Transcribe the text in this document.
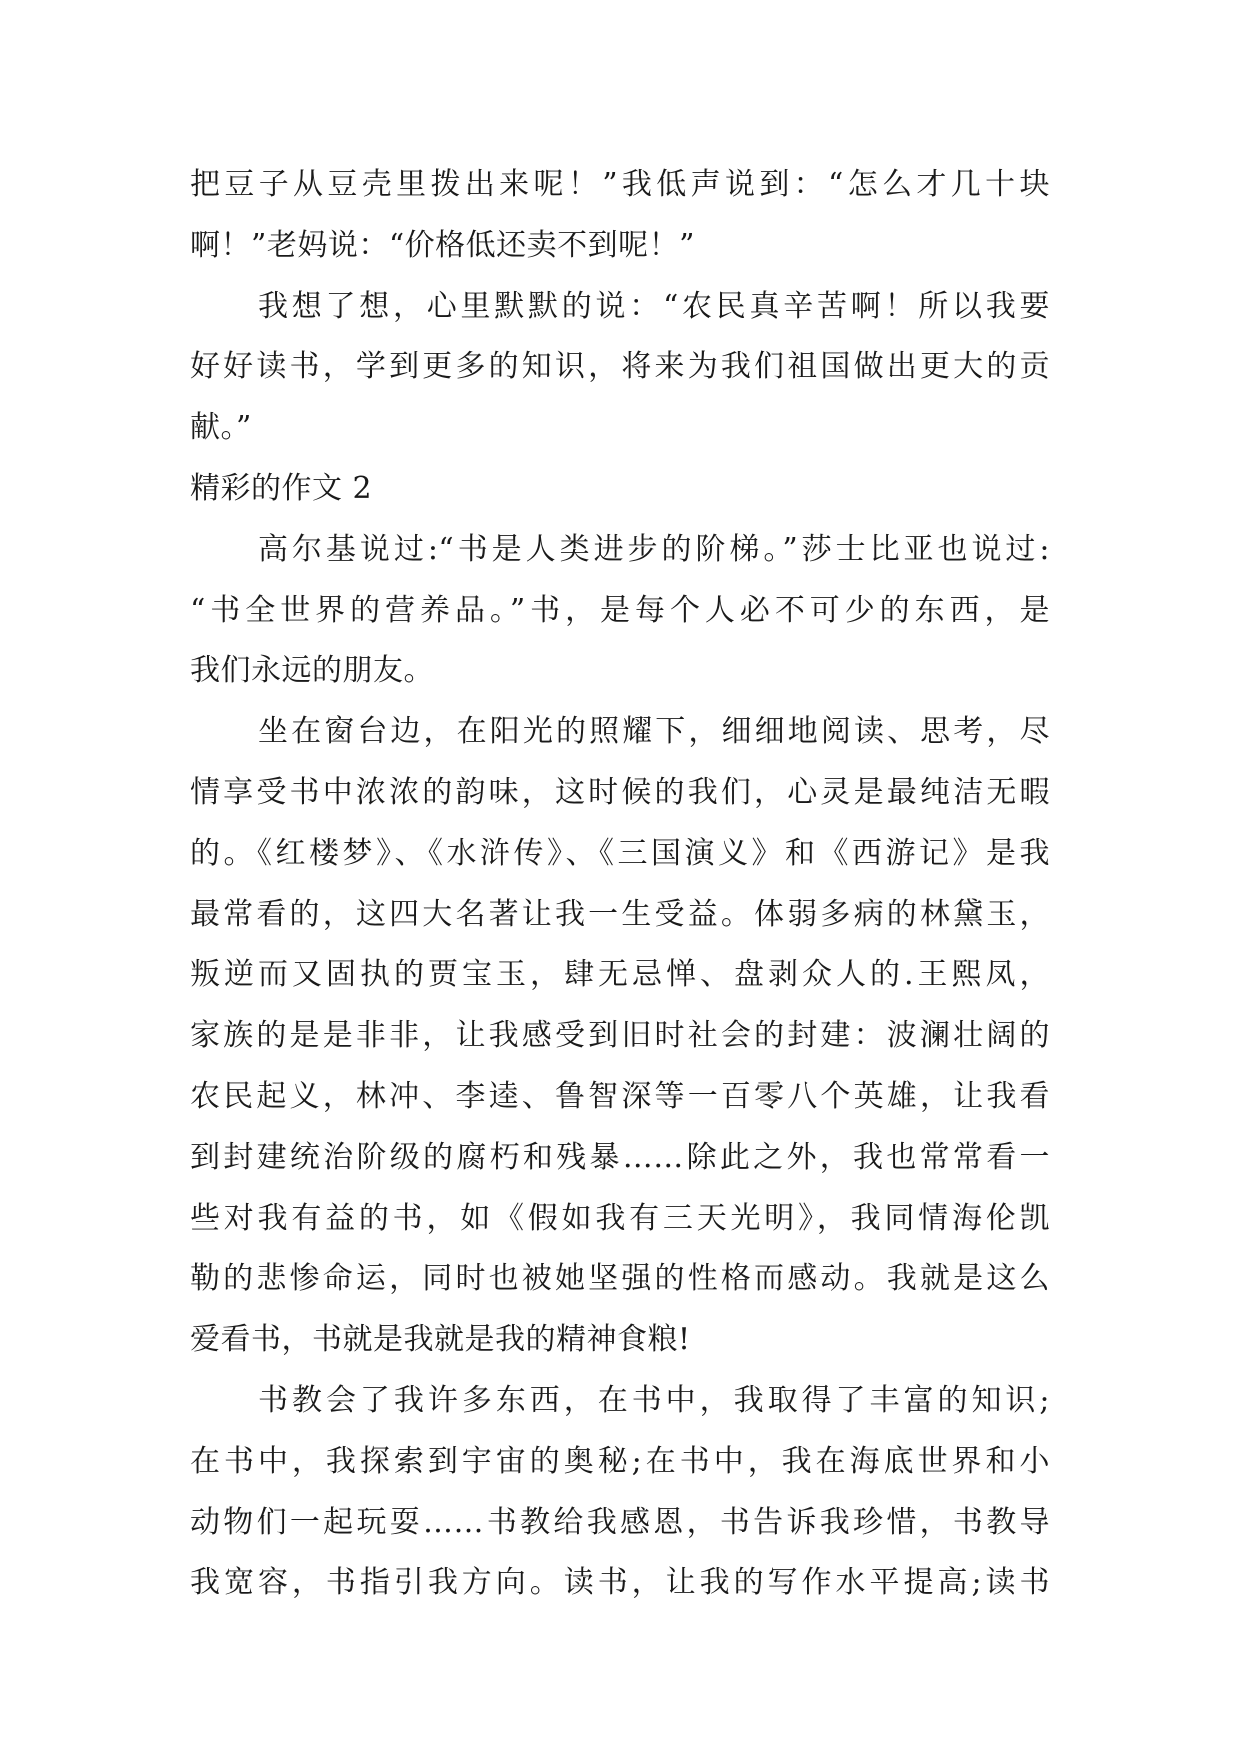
把豆子从豆壳里拨出来呢！”我低声说到：“怎么才几十块
啊！”老妈说：“价格低还卖不到呢！”
我想了想，心里默默的说：“农民真辛苦啊！所以我要
好好读书，学到更多的知识，将来为我们祖国做出更大的贡
献。”
精彩的作文 2
高尔基说过:“书是人类进步的阶梯。”莎士比亚也说过:
“书全世界的营养品。”书，是每个人必不可少的东西，是
我们永远的朋友。
坐在窗台边，在阳光的照耀下，细细地阅读、思考，尽
情享受书中浓浓的韵味，这时候的我们，心灵是最纯洁无暇
的。《红楼梦》、《水浒传》、《三国演义》和《西游记》是我
最常看的，这四大名著让我一生受益。体弱多病的林黛玉，
叛逆而又固执的贾宝玉，肆无忌惮、盘剥众人的.王熙凤，
家族的是是非非，让我感受到旧时社会的封建：波澜壮阔的
农民起义，林冲、李逵、鲁智深等一百零八个英雄，让我看
到封建统治阶级的腐朽和残暴……除此之外，我也常常看一
些对我有益的书，如《假如我有三天光明》，我同情海伦凯
勒的悲惨命运，同时也被她坚强的性格而感动。我就是这么
爱看书，书就是我就是我的精神食粮!
书教会了我许多东西，在书中，我取得了丰富的知识;
在书中，我探索到宇宙的奥秘;在书中，我在海底世界和小
动物们一起玩耍……书教给我感恩，书告诉我珍惜，书教导
我宽容，书指引我方向。读书，让我的写作水平提高;读书
